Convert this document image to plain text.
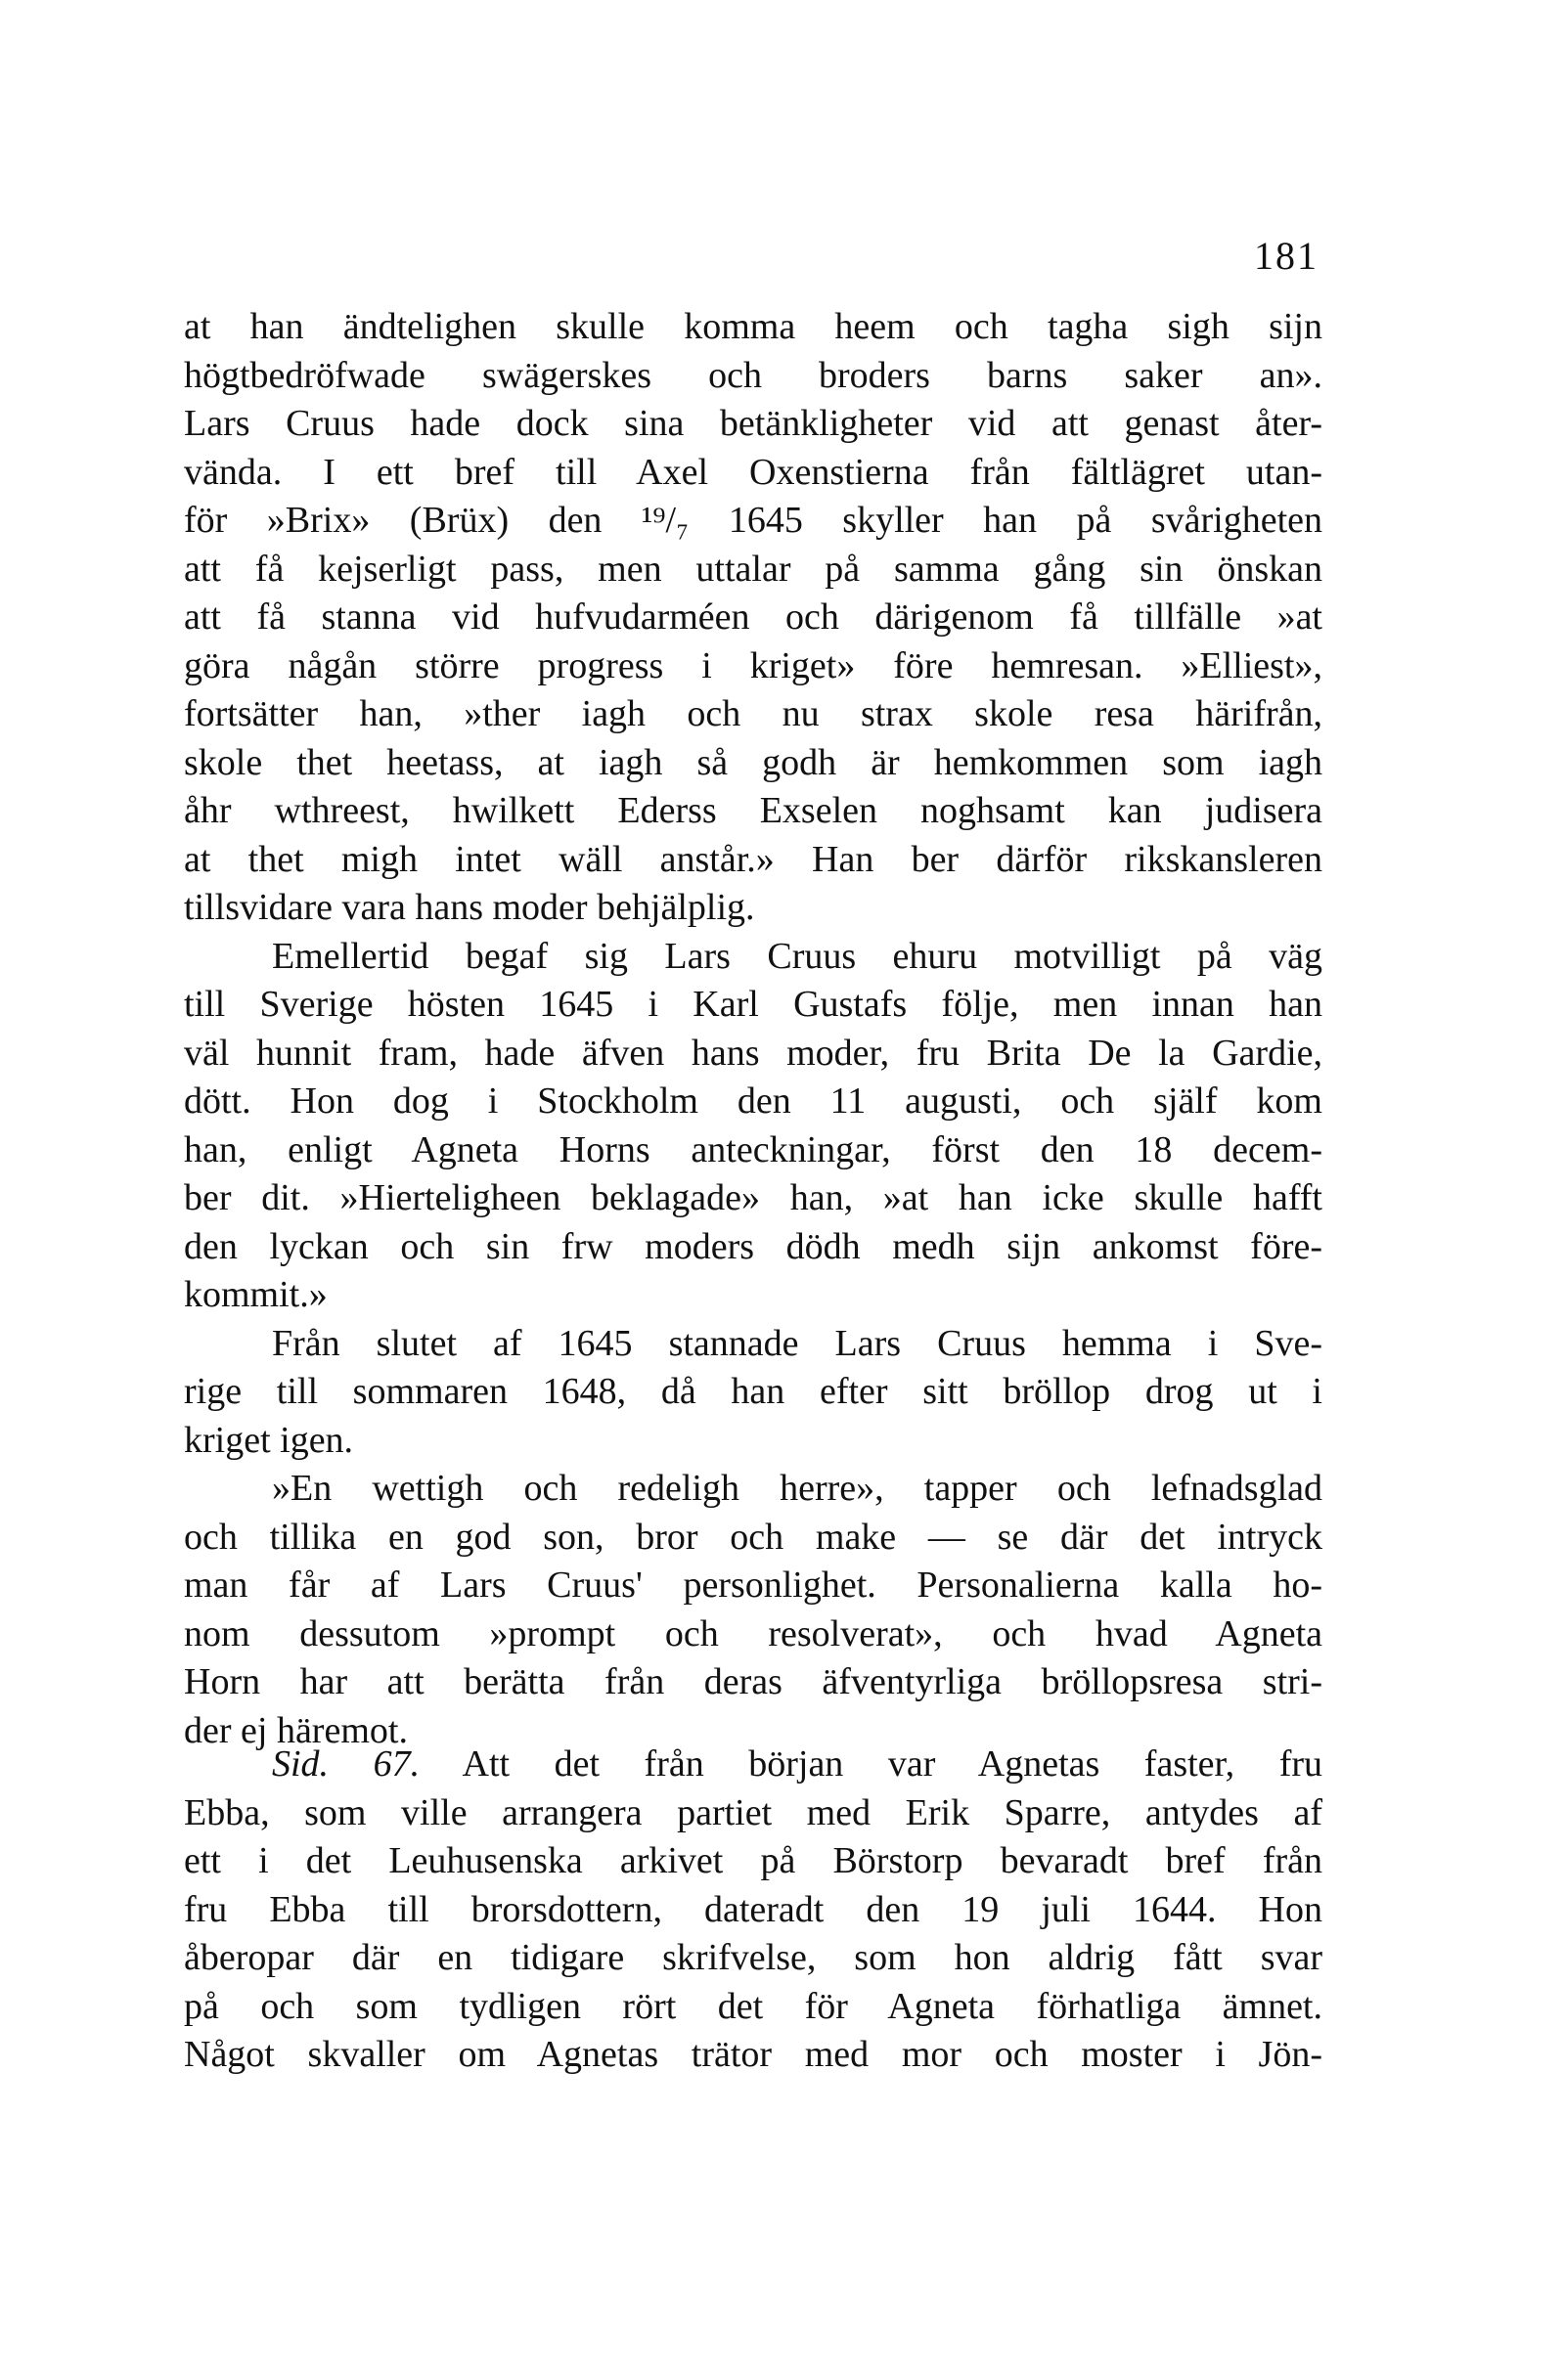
181
at han ändtelighen skulle komma heem och tagha sigh sijn
högtbedröfwade swägerskes och broders barns saker an».
Lars Cruus hade dock sina betänkligheter vid att genast åter-
vända. I ett bref till Axel Oxenstierna från fältlägret utan-
för »Brix» (Brüx) den ¹⁹/₇ 1645 skyller han på svårigheten
att få kejserligt pass, men uttalar på samma gång sin önskan
att få stanna vid hufvudarméen och därigenom få tillfälle »at
göra någån större progress i kriget» före hemresan. »Elliest»,
fortsätter han, »ther iagh och nu strax skole resa härifrån,
skole thet heetass, at iagh så godh är hemkommen som iagh
åhr wthreest, hwilkett Ederss Exselen noghsamt kan judisera
at thet migh intet wäll anstår.» Han ber därför rikskansleren
tillsvidare vara hans moder behjälplig.
Emellertid begaf sig Lars Cruus ehuru motvilligt på väg
till Sverige hösten 1645 i Karl Gustafs följe, men innan han
väl hunnit fram, hade äfven hans moder, fru Brita De la Gardie,
dött. Hon dog i Stockholm den 11 augusti, och själf kom
han, enligt Agneta Horns anteckningar, först den 18 decem-
ber dit. »Hierteligheen beklagade» han, »at han icke skulle hafft
den lyckan och sin frw moders dödh medh sijn ankomst före-
kommit.»
Från slutet af 1645 stannade Lars Cruus hemma i Sve-
rige till sommaren 1648, då han efter sitt bröllop drog ut i
kriget igen.
»En wettigh och redeligh herre», tapper och lefnadsglad
och tillika en god son, bror och make — se där det intryck
man får af Lars Cruus' personlighet. Personalierna kalla ho-
nom dessutom »prompt och resolverat», och hvad Agneta
Horn har att berätta från deras äfventyrliga bröllopsresa stri-
der ej häremot.
Sid. 67. Att det från början var Agnetas faster, fru
Ebba, som ville arrangera partiet med Erik Sparre, antydes af
ett i det Leuhusenska arkivet på Börstorp bevaradt bref från
fru Ebba till brorsdottern, dateradt den 19 juli 1644. Hon
åberopar där en tidigare skrifvelse, som hon aldrig fått svar
på och som tydligen rört det för Agneta förhatliga ämnet.
Något skvaller om Agnetas trätor med mor och moster i Jön-
